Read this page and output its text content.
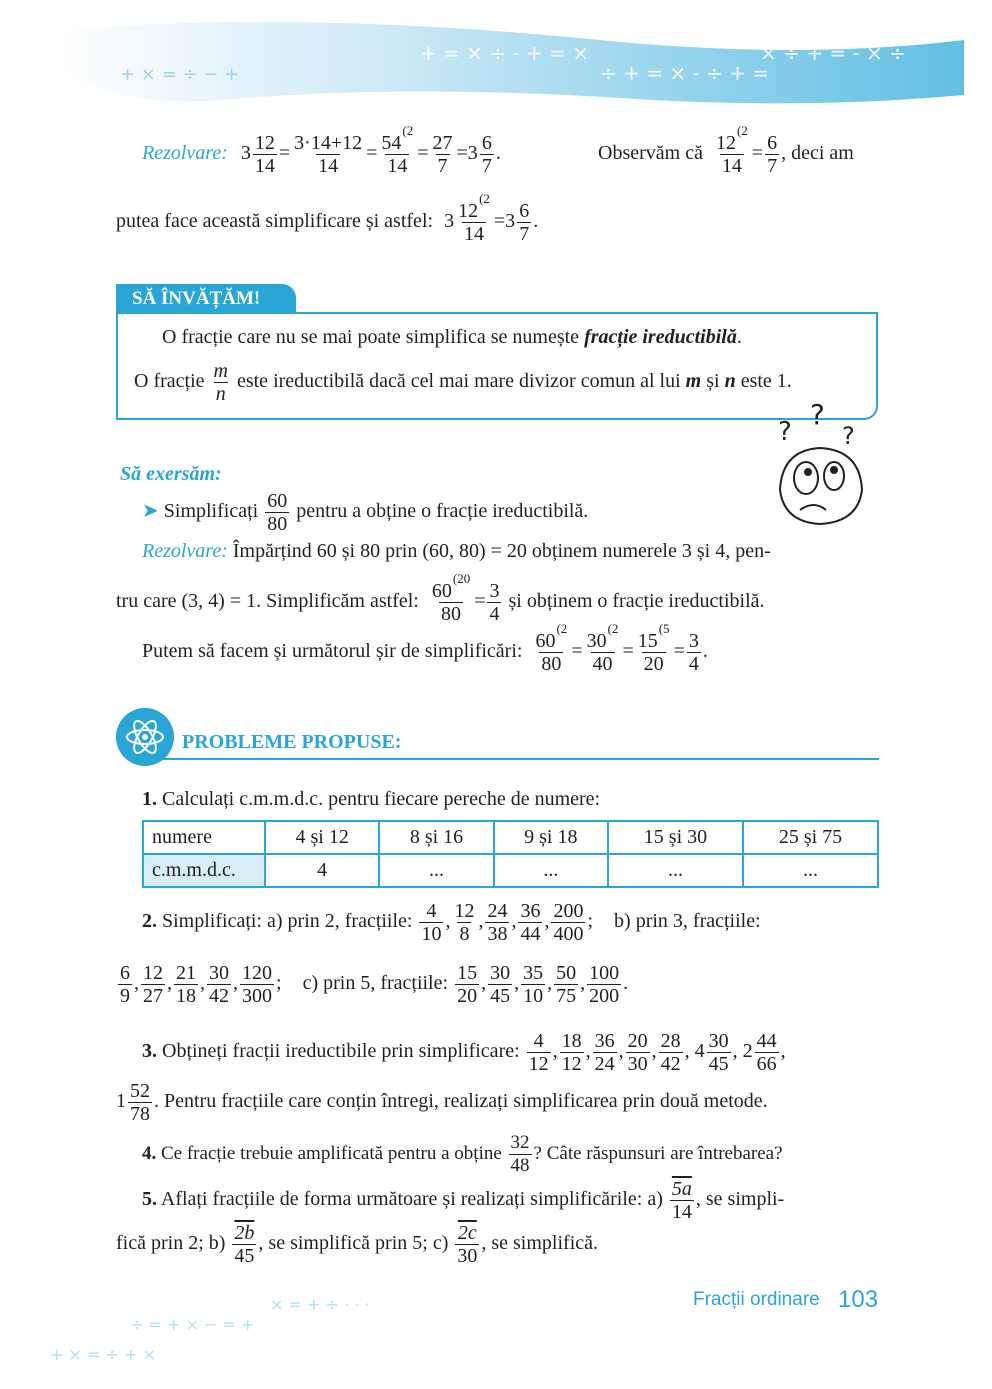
+ = × ÷ - + = ×
÷ + = × - ÷ + =
× ÷ + = - × ÷
+ × = ÷ − +
Rezolvare: $3 \frac{12}{14} = \frac{3\cdot 14+12}{14} = \frac{54^{(2}}{14} = \frac{27}{7} =3 \frac{6}{7}$ .	Observăm că $\frac{12^{(2}}{14} = \frac{6}{7}$ , deci am
putea face această simplificare și astfel: $3 \frac{12^{(2}}{14} =3 \frac{6}{7}$ .
SĂ ÎNVĂȚĂM!
O fracție care nu se mai poate simplifica se numește fracție ireductibilă.
O fracție $\frac{m}{n}$ este ireductibilă dacă cel mai mare divizor comun al lui m și n este 1.
?
?
?
Să exersăm:
➤ Simplificați $\frac{60}{80}$ pentru a obține o fracție ireductibilă.
Rezolvare: Împărțind 60 și 80 prin (60, 80) = 20 obținem numerele 3 și 4, pen-
tru care (3, 4) = 1. Simplificăm astfel: $\frac{60^{(20}}{80} = \frac{3}{4}$ și obținem o fracție ireductibilă.
Putem să facem și următorul șir de simplificări: $\frac{60^{(2}}{80} = \frac{30^{(2}}{40} = \frac{15^{(5}}{20} = \frac{3}{4}$ .
PROBLEME PROPUSE:
1. Calculați c.m.m.d.c. pentru fiecare pereche de numere:
numere	4 și 12	8 și 16	9 și 18	15 și 30	25 și 75
c.m.m.d.c.	4	...	...	...	...
2. Simplificați: a) prin 2, fracțiile: $\frac{4}{10}$ , $\frac{12}{8}$ , $\frac{24}{38}$ , $\frac{36}{44}$ , $\frac{200}{400}$ ; b) prin 3, fracțiile:
$\frac{6}{9}$ , $\frac{12}{27}$ , $\frac{21}{18}$ , $\frac{30}{42}$ , $\frac{120}{300}$ ; c) prin 5, fracțiile: $\frac{15}{20}$ , $\frac{30}{45}$ , $\frac{35}{10}$ , $\frac{50}{75}$ , $\frac{100}{200}$ .
3. Obțineți fracții ireductibile prin simplificare: $\frac{4}{12}$ , $\frac{18}{12}$ , $\frac{36}{24}$ , $\frac{20}{30}$ , $\frac{28}{42}$ , $4 \frac{30}{45}$ , $2 \frac{44}{66}$ ,
$1 \frac{52}{78}$ . Pentru fracțiile care conțin întregi, realizați simplificarea prin două metode.
4. Ce fracție trebuie amplificată pentru a obține $\frac{32}{48}$ ? Câte răspunsuri are întrebarea?
5. Aflați fracțiile de forma următoare și realizați simplificările: $a) \frac{5a}{14}$ , se simpli-
fică prin 2; $b) \frac{2b}{45}$ , se simplifică prin 5; $c) \frac{2c}{30}$ , se simplifică.
+ × = ÷ + ×
÷ = + × − = +
× = + ÷ · · ·	Fracții ordinare 103
